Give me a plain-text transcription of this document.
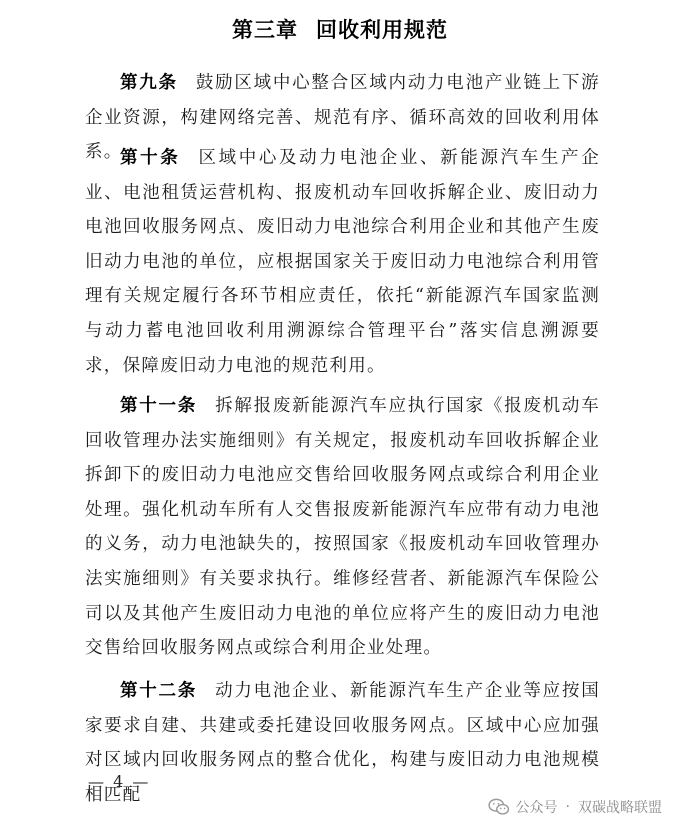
第三章 回收利用规范

第九条 鼓励区域中心整合区域内动力电池产业链上下游企业资源，构建网络完善、规范有序、循环高效的回收利用体系。

第十条 区域中心及动力电池企业、新能源汽车生产企业、电池租赁运营机构、报废机动车回收拆解企业、废旧动力电池回收服务网点、废旧动力电池综合利用企业和其他产生废旧动力电池的单位，应根据国家关于废旧动力电池综合利用管理有关规定履行各环节相应责任，依托“新能源汽车国家监测与动力蓄电池回收利用溯源综合管理平台”落实信息溯源要求，保障废旧动力电池的规范利用。

第十一条 拆解报废新能源汽车应执行国家《报废机动车回收管理办法实施细则》有关规定，报废机动车回收拆解企业拆卸下的废旧动力电池应交售给回收服务网点或综合利用企业处理。强化机动车所有人交售报废新能源汽车应带有动力电池的义务，动力电池缺失的，按照国家《报废机动车回收管理办法实施细则》有关要求执行。维修经营者、新能源汽车保险公司以及其他产生废旧动力电池的单位应将产生的废旧动力电池交售给回收服务网点或综合利用企业处理。

第十二条 动力电池企业、新能源汽车生产企业等应按国家要求自建、共建或委托建设回收服务网点。区域中心应加强对区域内回收服务网点的整合优化，构建与废旧动力电池规模相匹配

— 4 —
公众号 · 双碳战略联盟
